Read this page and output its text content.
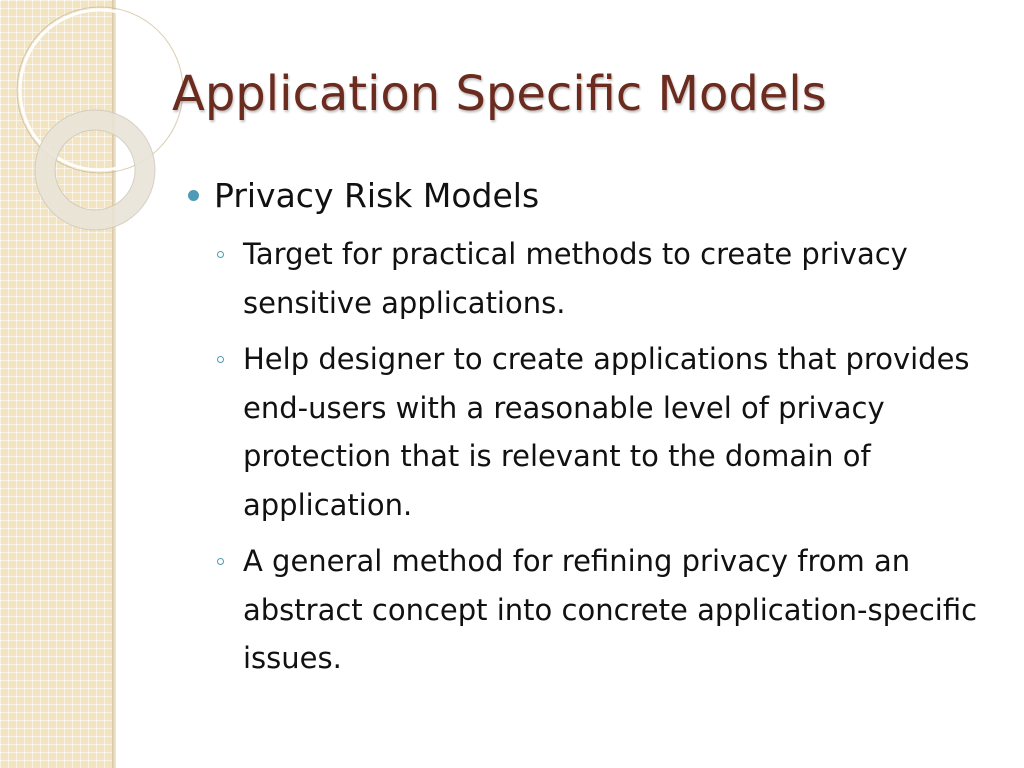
Application Specific Models
Privacy Risk Models
Target for practical methods to create privacy sensitive applications.
Help designer to create applications that provides end-users with a reasonable level of privacy protection that is relevant to the domain of application.
A general method for refining privacy from an abstract concept into concrete application-specific issues.
